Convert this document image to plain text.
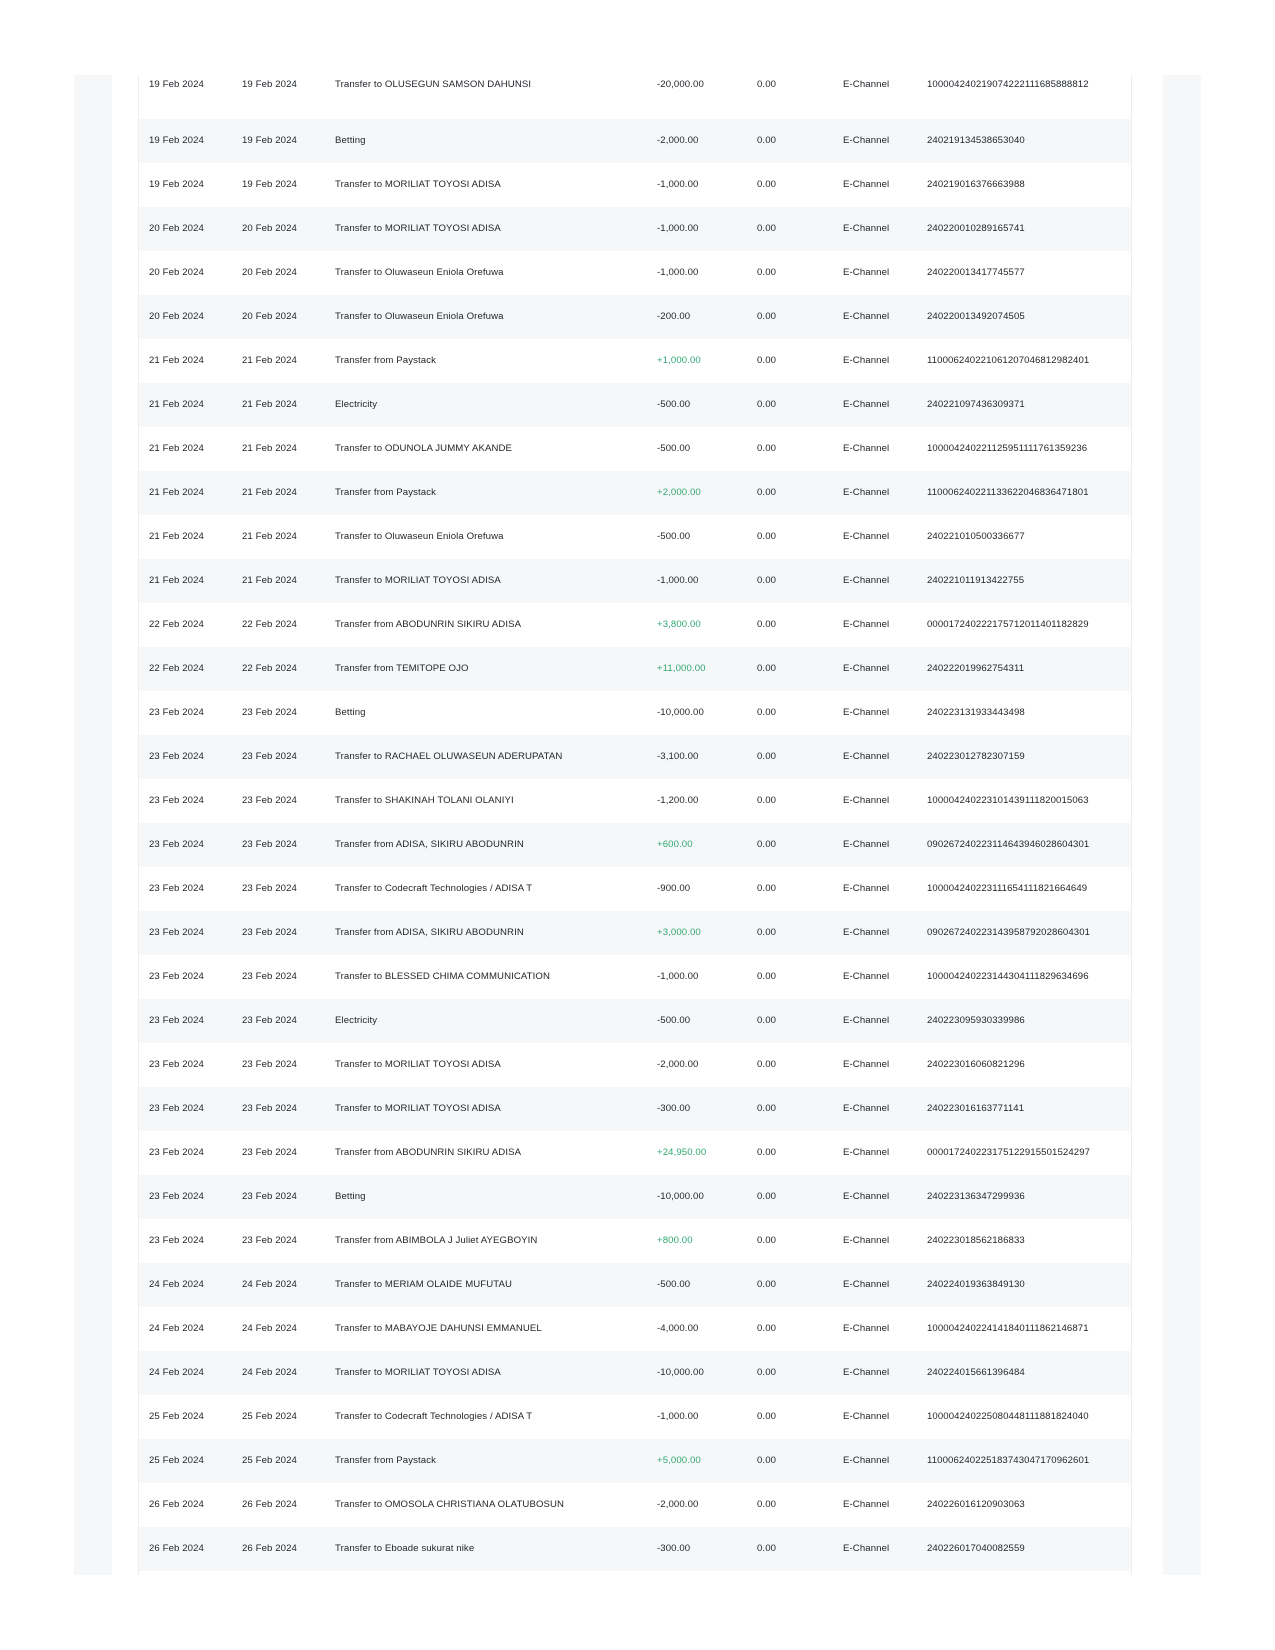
19 Feb 2024	19 Feb 2024	Transfer to OLUSEGUN SAMSON DAHUNSI	-20,000.00	0.00	E-Channel	100004240219074222111685888812
19 Feb 2024	19 Feb 2024	Betting	-2,000.00	0.00	E-Channel	240219134538653040
19 Feb 2024	19 Feb 2024	Transfer to MORILIAT TOYOSI ADISA	-1,000.00	0.00	E-Channel	240219016376663988
20 Feb 2024	20 Feb 2024	Transfer to MORILIAT TOYOSI ADISA	-1,000.00	0.00	E-Channel	240220010289165741
20 Feb 2024	20 Feb 2024	Transfer to Oluwaseun Eniola Orefuwa	-1,000.00	0.00	E-Channel	240220013417745577
20 Feb 2024	20 Feb 2024	Transfer to Oluwaseun Eniola Orefuwa	-200.00	0.00	E-Channel	240220013492074505
21 Feb 2024	21 Feb 2024	Transfer from Paystack	+1,000.00	0.00	E-Channel	110006240221061207046812982401
21 Feb 2024	21 Feb 2024	Electricity	-500.00	0.00	E-Channel	240221097436309371
21 Feb 2024	21 Feb 2024	Transfer to ODUNOLA JUMMY AKANDE	-500.00	0.00	E-Channel	100004240221125951111761359236
21 Feb 2024	21 Feb 2024	Transfer from Paystack	+2,000.00	0.00	E-Channel	110006240221133622046836471801
21 Feb 2024	21 Feb 2024	Transfer to Oluwaseun Eniola Orefuwa	-500.00	0.00	E-Channel	240221010500336677
21 Feb 2024	21 Feb 2024	Transfer to MORILIAT TOYOSI ADISA	-1,000.00	0.00	E-Channel	240221011913422755
22 Feb 2024	22 Feb 2024	Transfer from ABODUNRIN SIKIRU ADISA	+3,800.00	0.00	E-Channel	000017240222175712011401182829
22 Feb 2024	22 Feb 2024	Transfer from TEMITOPE OJO	+11,000.00	0.00	E-Channel	240222019962754311
23 Feb 2024	23 Feb 2024	Betting	-10,000.00	0.00	E-Channel	240223131933443498
23 Feb 2024	23 Feb 2024	Transfer to RACHAEL OLUWASEUN ADERUPATAN	-3,100.00	0.00	E-Channel	240223012782307159
23 Feb 2024	23 Feb 2024	Transfer to SHAKINAH TOLANI OLANIYI	-1,200.00	0.00	E-Channel	100004240223101439111820015063
23 Feb 2024	23 Feb 2024	Transfer from ADISA, SIKIRU ABODUNRIN	+600.00	0.00	E-Channel	090267240223114643946028604301
23 Feb 2024	23 Feb 2024	Transfer to Codecraft Technologies / ADISA T	-900.00	0.00	E-Channel	100004240223111654111821664649
23 Feb 2024	23 Feb 2024	Transfer from ADISA, SIKIRU ABODUNRIN	+3,000.00	0.00	E-Channel	090267240223143958792028604301
23 Feb 2024	23 Feb 2024	Transfer to BLESSED CHIMA COMMUNICATION	-1,000.00	0.00	E-Channel	100004240223144304111829634696
23 Feb 2024	23 Feb 2024	Electricity	-500.00	0.00	E-Channel	240223095930339986
23 Feb 2024	23 Feb 2024	Transfer to MORILIAT TOYOSI ADISA	-2,000.00	0.00	E-Channel	240223016060821296
23 Feb 2024	23 Feb 2024	Transfer to MORILIAT TOYOSI ADISA	-300.00	0.00	E-Channel	240223016163771141
23 Feb 2024	23 Feb 2024	Transfer from ABODUNRIN SIKIRU ADISA	+24,950.00	0.00	E-Channel	000017240223175122915501524297
23 Feb 2024	23 Feb 2024	Betting	-10,000.00	0.00	E-Channel	240223136347299936
23 Feb 2024	23 Feb 2024	Transfer from ABIMBOLA J Juliet AYEGBOYIN	+800.00	0.00	E-Channel	240223018562186833
24 Feb 2024	24 Feb 2024	Transfer to MERIAM OLAIDE MUFUTAU	-500.00	0.00	E-Channel	240224019363849130
24 Feb 2024	24 Feb 2024	Transfer to MABAYOJE DAHUNSI EMMANUEL	-4,000.00	0.00	E-Channel	100004240224141840111862146871
24 Feb 2024	24 Feb 2024	Transfer to MORILIAT TOYOSI ADISA	-10,000.00	0.00	E-Channel	240224015661396484
25 Feb 2024	25 Feb 2024	Transfer to Codecraft Technologies / ADISA T	-1,000.00	0.00	E-Channel	100004240225080448111881824040
25 Feb 2024	25 Feb 2024	Transfer from Paystack	+5,000.00	0.00	E-Channel	110006240225183743047170962601
26 Feb 2024	26 Feb 2024	Transfer to OMOSOLA CHRISTIANA OLATUBOSUN	-2,000.00	0.00	E-Channel	240226016120903063
26 Feb 2024	26 Feb 2024	Transfer to Eboade sukurat nike	-300.00	0.00	E-Channel	240226017040082559
